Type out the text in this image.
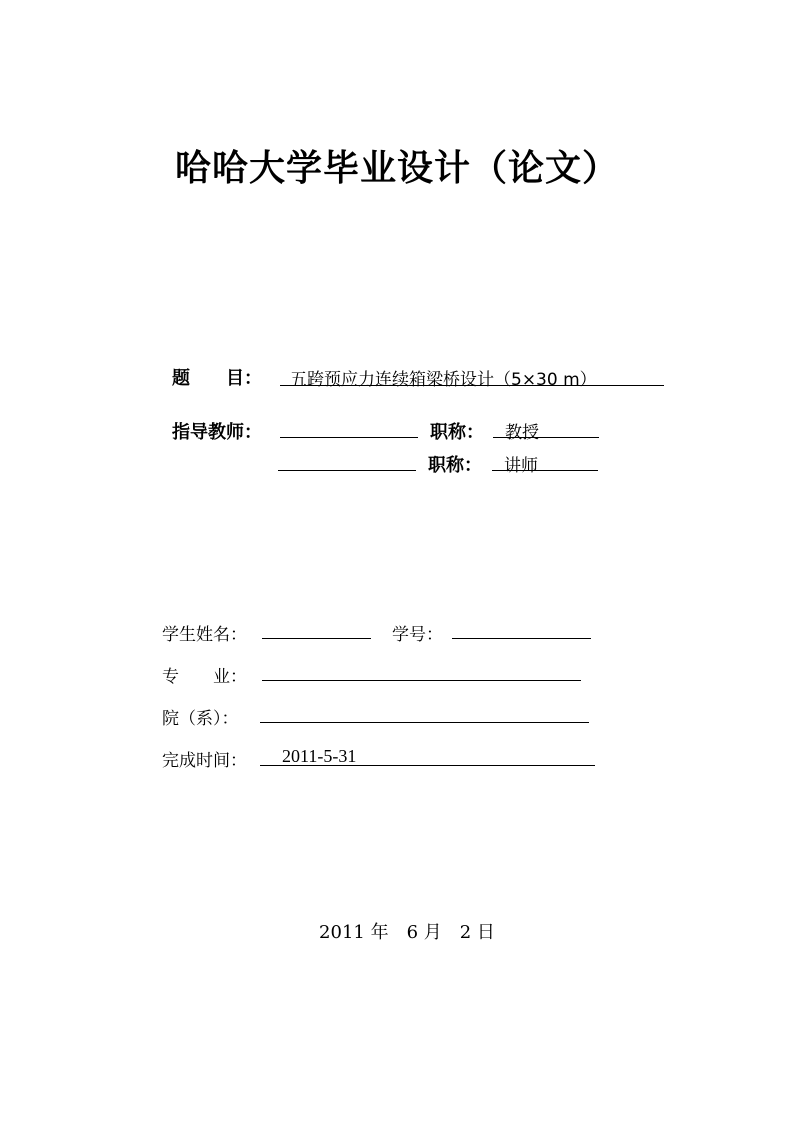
哈哈大学毕业设计（论文）
题　　目： 五跨预应力连续箱梁桥设计（5×30 m）
指导教师：	职称： 教授
职称： 讲师
学生姓名：	学号：
专　　业：
院（系）：
完成时间： 2011-5-31
2011 年　6 月　2 日
